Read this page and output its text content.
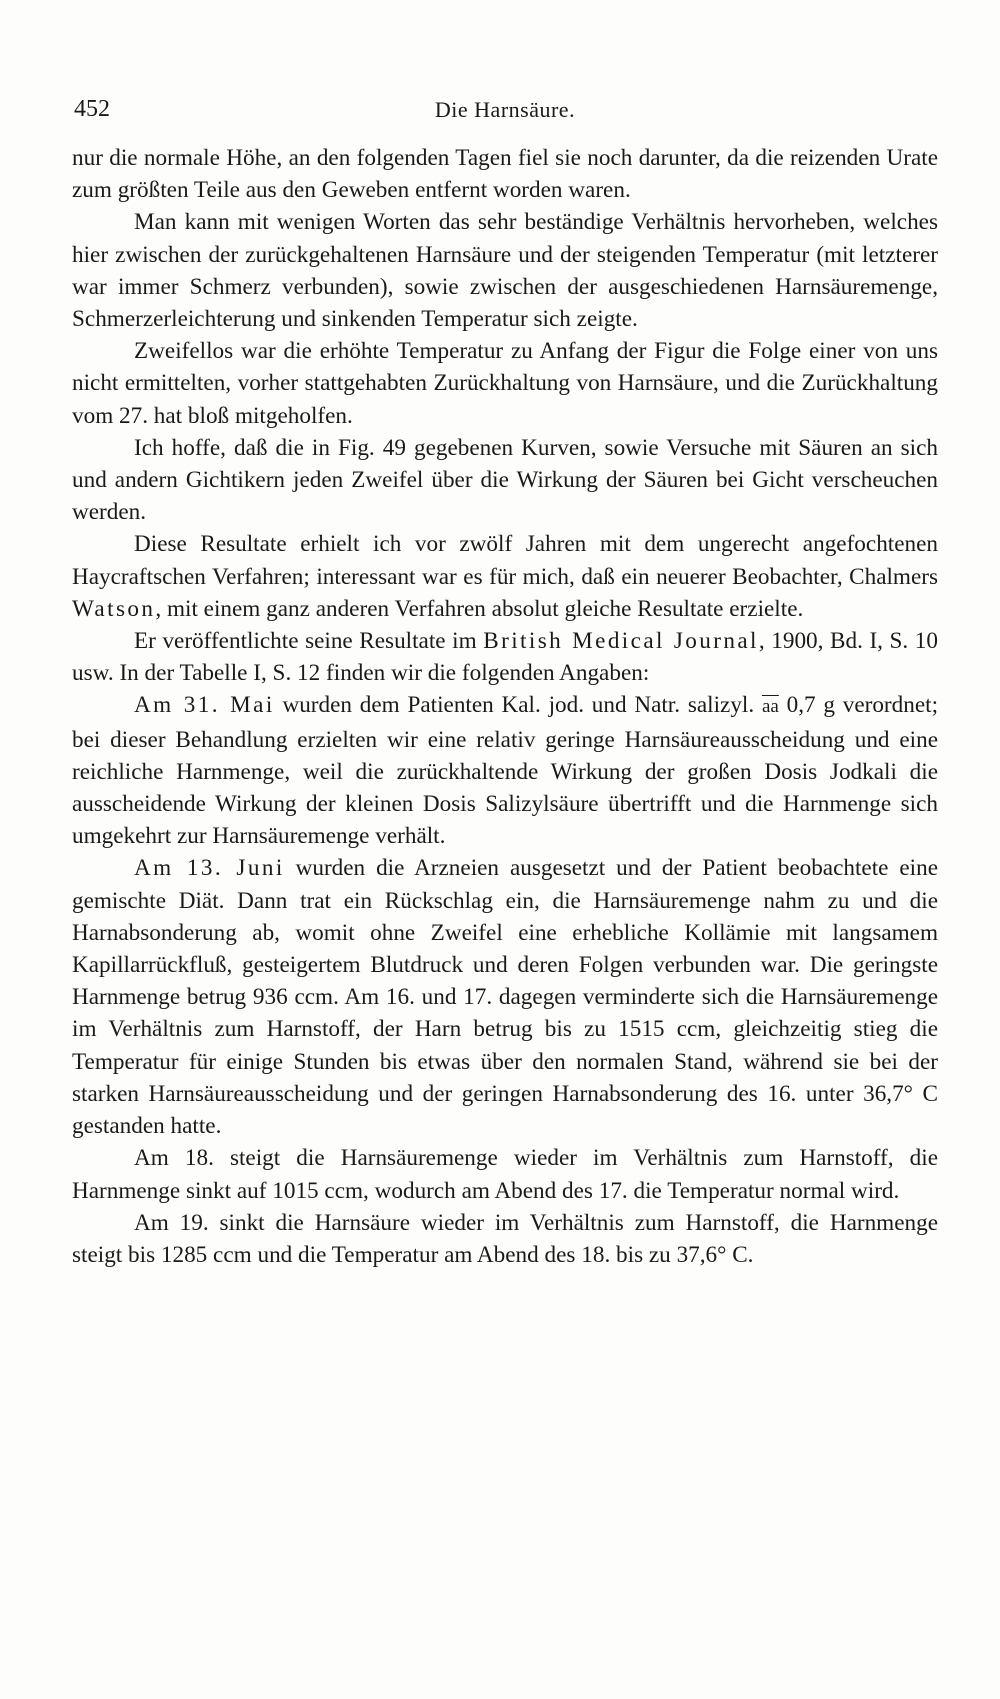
452	Die Harnsäure.

nur die normale Höhe, an den folgenden Tagen fiel sie noch darunter, da die reizenden Urate zum größten Teile aus den Geweben entfernt worden waren.

Man kann mit wenigen Worten das sehr beständige Verhältnis hervorheben, welches hier zwischen der zurückgehaltenen Harnsäure und der steigenden Temperatur (mit letzterer war immer Schmerz verbunden), sowie zwischen der ausgeschiedenen Harnsäuremenge, Schmerzerleichterung und sinkenden Temperatur sich zeigte.

Zweifellos war die erhöhte Temperatur zu Anfang der Figur die Folge einer von uns nicht ermittelten, vorher stattgehabten Zurückhaltung von Harnsäure, und die Zurückhaltung vom 27. hat bloß mitgeholfen.

Ich hoffe, daß die in Fig. 49 gegebenen Kurven, sowie Versuche mit Säuren an sich und andern Gichtikern jeden Zweifel über die Wirkung der Säuren bei Gicht verscheuchen werden.

Diese Resultate erhielt ich vor zwölf Jahren mit dem ungerecht angefochtenen Haycraftschen Verfahren; interessant war es für mich, daß ein neuerer Beobachter, Chalmers Watson, mit einem ganz anderen Verfahren absolut gleiche Resultate erzielte.

Er veröffentlichte seine Resultate im British Medical Journal, 1900, Bd. I, S. 10 usw. In der Tabelle I, S. 12 finden wir die folgenden Angaben:

Am 31. Mai wurden dem Patienten Kal. jod. und Natr. salizyl. $\overline{aa}$ 0,7 g verordnet; bei dieser Behandlung erzielten wir eine relativ geringe Harnsäureausscheidung und eine reichliche Harnmenge, weil die zurückhaltende Wirkung der großen Dosis Jodkali die ausscheidende Wirkung der kleinen Dosis Salizylsäure übertrifft und die Harnmenge sich umgekehrt zur Harnsäuremenge verhält.

Am 13. Juni wurden die Arzneien ausgesetzt und der Patient beobachtete eine gemischte Diät. Dann trat ein Rückschlag ein, die Harnsäuremenge nahm zu und die Harnabsonderung ab, womit ohne Zweifel eine erhebliche Kollämie mit langsamem Kapillarrückfluß, gesteigertem Blutdruck und deren Folgen verbunden war. Die geringste Harnmenge betrug 936 ccm. Am 16. und 17. dagegen verminderte sich die Harnsäuremenge im Verhältnis zum Harnstoff, der Harn betrug bis zu 1515 ccm, gleichzeitig stieg die Temperatur für einige Stunden bis etwas über den normalen Stand, während sie bei der starken Harnsäureausscheidung und der geringen Harnabsonderung des 16. unter 36,7° C gestanden hatte.

Am 18. steigt die Harnsäuremenge wieder im Verhältnis zum Harnstoff, die Harnmenge sinkt auf 1015 ccm, wodurch am Abend des 17. die Temperatur normal wird.

Am 19. sinkt die Harnsäure wieder im Verhältnis zum Harnstoff, die Harnmenge steigt bis 1285 ccm und die Temperatur am Abend des 18. bis zu 37,6° C.
